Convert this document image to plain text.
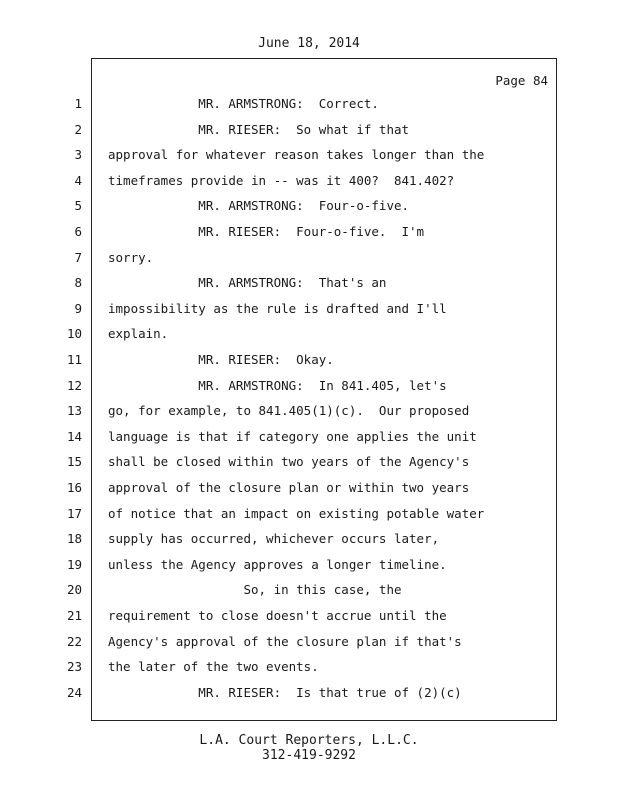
June 18, 2014
Page 84
1 MR. ARMSTRONG:  Correct.
2 MR. RIESER:  So what if that
3 approval for whatever reason takes longer than the
4 timeframes provide in -- was it 400?  841.402?
5 MR. ARMSTRONG:  Four-o-five.
6 MR. RIESER:  Four-o-five.  I'm
7 sorry.
8 MR. ARMSTRONG:  That's an
9 impossibility as the rule is drafted and I'll
10 explain.
11 MR. RIESER:  Okay.
12 MR. ARMSTRONG:  In 841.405, let's
13 go, for example, to 841.405(1)(c).  Our proposed
14 language is that if category one applies the unit
15 shall be closed within two years of the Agency's
16 approval of the closure plan or within two years
17 of notice that an impact on existing potable water
18 supply has occurred, whichever occurs later,
19 unless the Agency approves a longer timeline.
20 So, in this case, the
21 requirement to close doesn't accrue until the
22 Agency's approval of the closure plan if that's
23 the later of the two events.
24 MR. RIESER:  Is that true of (2)(c)
L.A. Court Reporters, L.L.C.
312-419-9292
